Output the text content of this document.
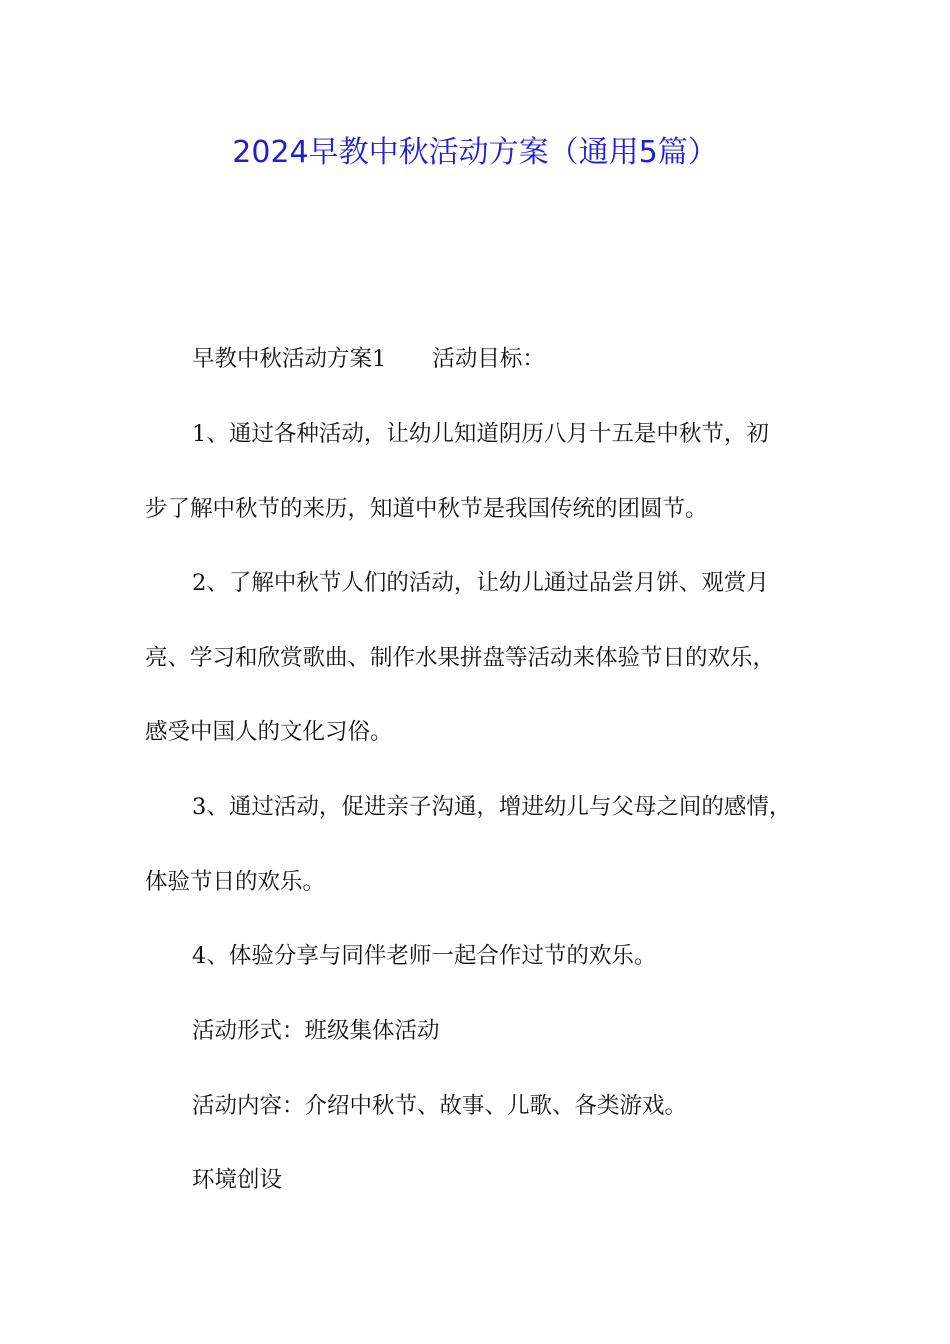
2024早教中秋活动方案（通用5篇）

早教中秋活动方案1 活动目标：

1、通过各种活动，让幼儿知道阴历八月十五是中秋节，初

步了解中秋节的来历，知道中秋节是我国传统的团圆节。

2、了解中秋节人们的活动，让幼儿通过品尝月饼、观赏月

亮、学习和欣赏歌曲、制作水果拼盘等活动来体验节日的欢乐，

感受中国人的文化习俗。

3、通过活动，促进亲子沟通，增进幼儿与父母之间的感情，

体验节日的欢乐。

4、体验分享与同伴老师一起合作过节的欢乐。

活动形式：班级集体活动

活动内容：介绍中秋节、故事、儿歌、各类游戏。

环境创设
